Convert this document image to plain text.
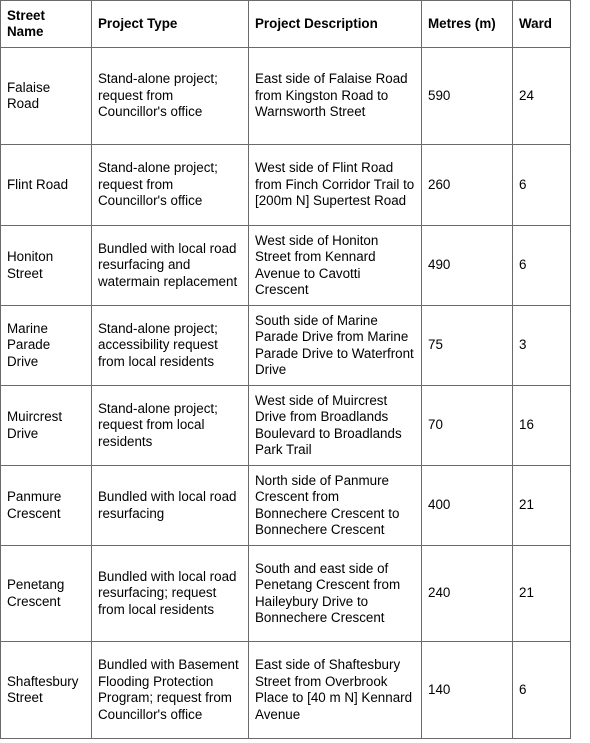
Street Name	Project Type	Project Description	Metres (m)	Ward
Falaise Road	Stand-alone project; request from Councillor's office	East side of Falaise Road from Kingston Road to Warnsworth Street	590	24
Flint Road	Stand-alone project; request from Councillor's office	West side of Flint Road from Finch Corridor Trail to [200m N] Supertest Road	260	6
Honiton Street	Bundled with local road resurfacing and watermain replacement	West side of Honiton Street from Kennard Avenue to Cavotti Crescent	490	6
Marine Parade Drive	Stand-alone project; accessibility request from local residents	South side of Marine Parade Drive from Marine Parade Drive to Waterfront Drive	75	3
Muircrest Drive	Stand-alone project; request from local residents	West side of Muircrest Drive from Broadlands Boulevard to Broadlands Park Trail	70	16
Panmure Crescent	Bundled with local road resurfacing	North side of Panmure Crescent from Bonnechere Crescent to Bonnechere Crescent	400	21
Penetang Crescent	Bundled with local road resurfacing; request from local residents	South and east side of Penetang Crescent from Haileybury Drive to Bonnechere Crescent	240	21
Shaftesbury Street	Bundled with Basement Flooding Protection Program; request from Councillor's office	East side of Shaftesbury Street from Overbrook Place to [40 m N] Kennard Avenue	140	6
